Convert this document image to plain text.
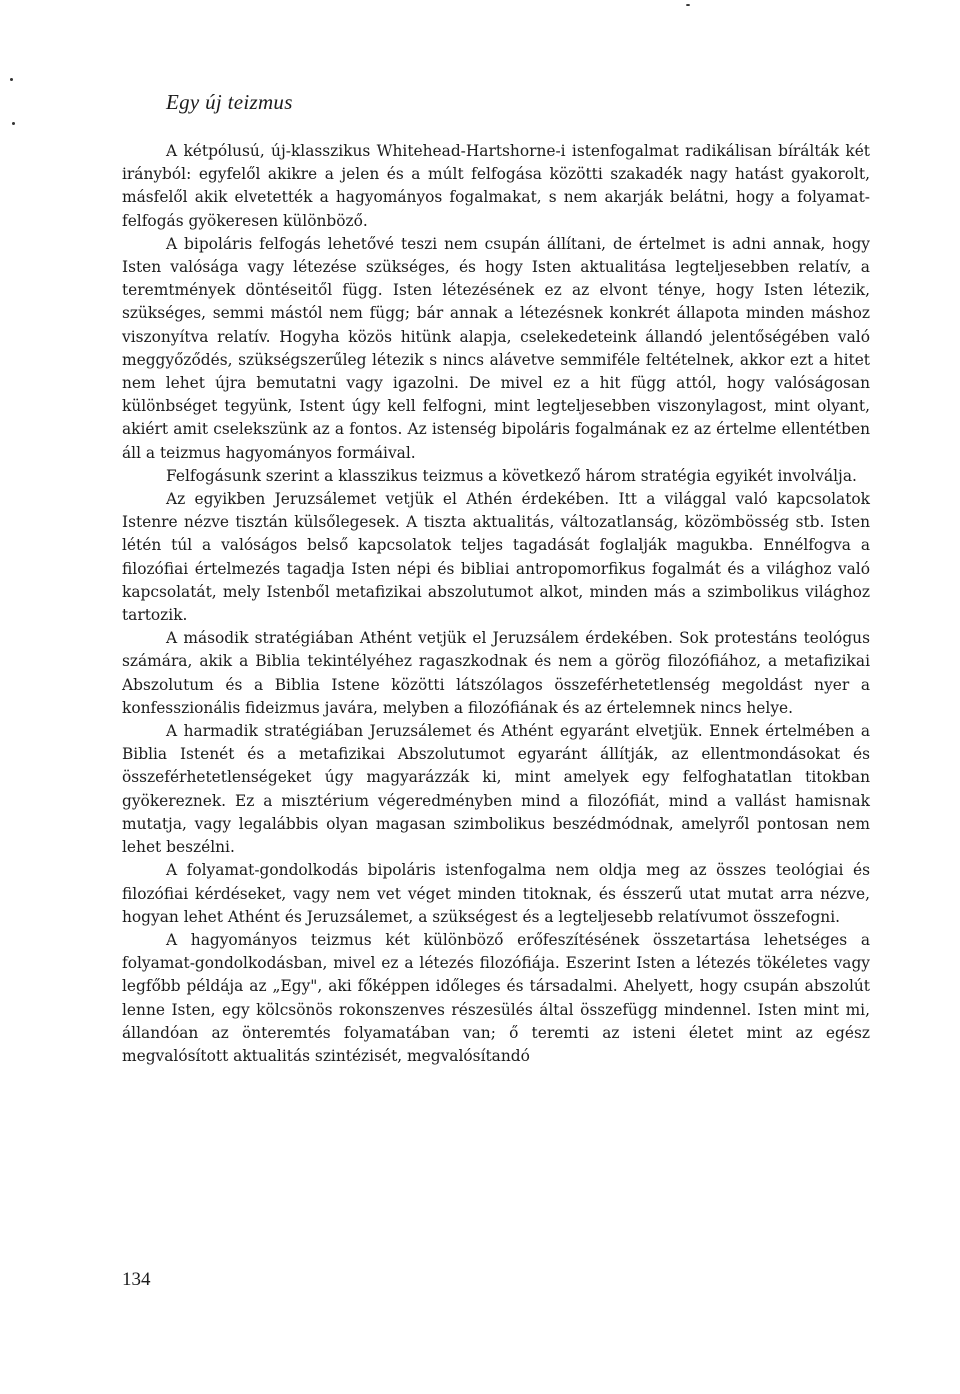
Egy új teizmus

A kétpólusú, új-klasszikus Whitehead-Hartshorne-i istenfogalmat radikálisan bírálták két irányból: egyfelől akikre a jelen és a múlt felfogása közötti szakadék nagy hatást gyakorolt, másfelől akik elvetették a hagyományos fogalmakat, s nem akarják belátni, hogy a folyamat-felfogás gyökeresen különböző.

A bipoláris felfogás lehetővé teszi nem csupán állítani, de értelmet is adni annak, hogy Isten valósága vagy létezése szükséges, és hogy Isten aktualitása legteljesebben relatív, a teremtmények döntéseitől függ. Isten létezésének ez az elvont ténye, hogy Isten létezik, szükséges, semmi mástól nem függ; bár annak a létezésnek konkrét állapota minden máshoz viszonyítva relatív. Hogyha közös hitünk alapja, cselekedeteink állandó jelentőségében való meggyőződés, szükségszerűleg létezik s nincs alávetve semmiféle feltételnek, akkor ezt a hitet nem lehet újra bemutatni vagy igazolni. De mivel ez a hit függ attól, hogy valóságosan különbséget tegyünk, Istent úgy kell felfogni, mint legteljesebben viszonylagost, mint olyant, akiért amit cselekszünk az a fontos. Az istenség bipoláris fogalmának ez az értelme ellentétben áll a teizmus hagyományos formáival.

Felfogásunk szerint a klasszikus teizmus a következő három stratégia egyikét involválja.

Az egyikben Jeruzsálemet vetjük el Athén érdekében. Itt a világgal való kapcsolatok Istenre nézve tisztán külsőlegesek. A tiszta aktualitás, változatlanság, közömbösség stb. Isten létén túl a valóságos belső kapcsolatok teljes tagadását foglalják magukba. Ennélfogva a filozófiai értelmezés tagadja Isten népi és bibliai antropomorfikus fogalmát és a világhoz való kapcsolatát, mely Istenből metafizikai abszolutumot alkot, minden más a szimbolikus világhoz tartozik.

A második stratégiában Athént vetjük el Jeruzsálem érdekében. Sok protestáns teológus számára, akik a Biblia tekintélyéhez ragaszkodnak és nem a görög filozófiához, a metafizikai Abszolutum és a Biblia Istene közötti látszólagos összeférhetetlenség megoldást nyer a konfesszionális fideizmus javára, melyben a filozófiának és az értelemnek nincs helye.

A harmadik stratégiában Jeruzsálemet és Athént egyaránt elvetjük. Ennek értelmében a Biblia Istenét és a metafizikai Abszolutumot egyaránt állítják, az ellentmondásokat és összeférhetetlenségeket úgy magyarázzák ki, mint amelyek egy felfoghatatlan titokban gyökereznek. Ez a misztérium végeredményben mind a filozófiát, mind a vallást hamisnak mutatja, vagy legalábbis olyan magasan szimbolikus beszédmódnak, amelyről pontosan nem lehet beszélni.

A folyamat-gondolkodás bipoláris istenfogalma nem oldja meg az összes teológiai és filozófiai kérdéseket, vagy nem vet véget minden titoknak, és ésszerű utat mutat arra nézve, hogyan lehet Athént és Jeruzsálemet, a szükségest és a legteljesebb relatívumot összefogni.

A hagyományos teizmus két különböző erőfeszítésének összetartása lehetséges a folyamat-gondolkodásban, mivel ez a létezés filozófiája. Eszerint Isten a létezés tökéletes vagy legfőbb példája az „Egy", aki főképpen időleges és társadalmi. Ahelyett, hogy csupán abszolút lenne Isten, egy kölcsönös rokonszenves részesülés által összefügg mindennel. Isten mint mi, állandóan az önteremtés folyamatában van; ő teremti az isteni életet mint az egész megvalósított aktualitás szintézisét, megvalósítandó

134
